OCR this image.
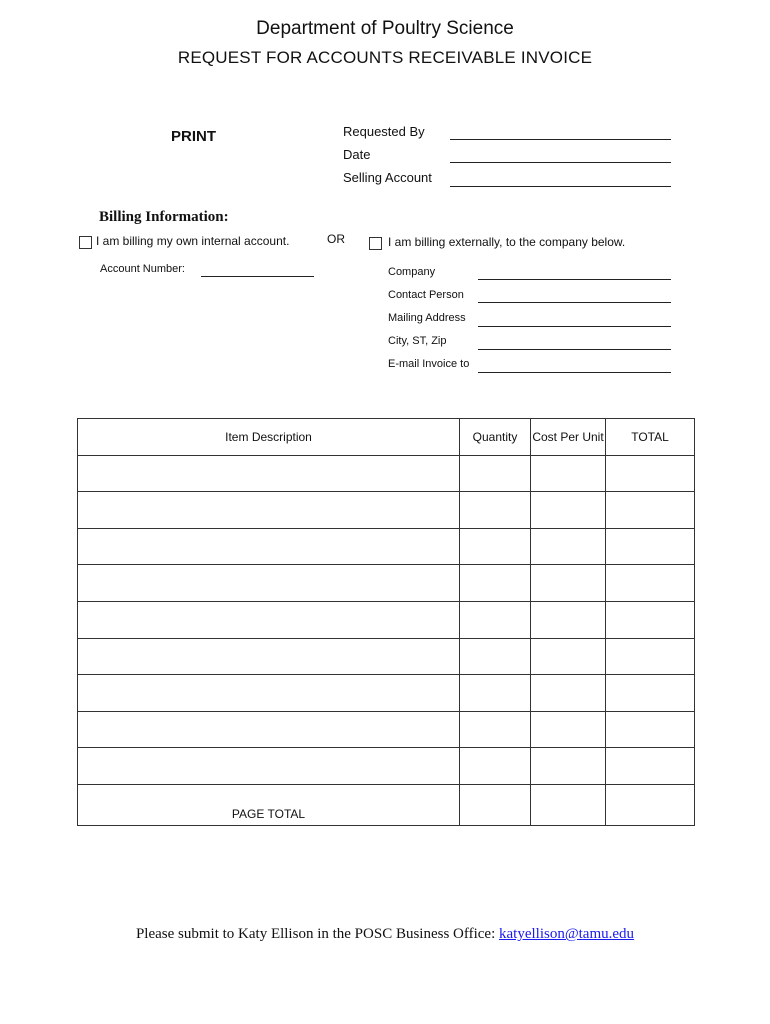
Department of Poultry Science
REQUEST FOR ACCOUNTS RECEIVABLE INVOICE
PRINT	Requested By
Date
Selling Account
Billing Information:
I am billing my own internal account.	OR	I am billing externally, to the company below.
Account Number:	Company
Contact Person
Mailing Address
City, ST, Zip
E-mail Invoice to
Item Description	Quantity	Cost Per Unit	TOTAL

PAGE TOTAL			
Please submit to Katy Ellison in the POSC Business Office: katyellison@tamu.edu
